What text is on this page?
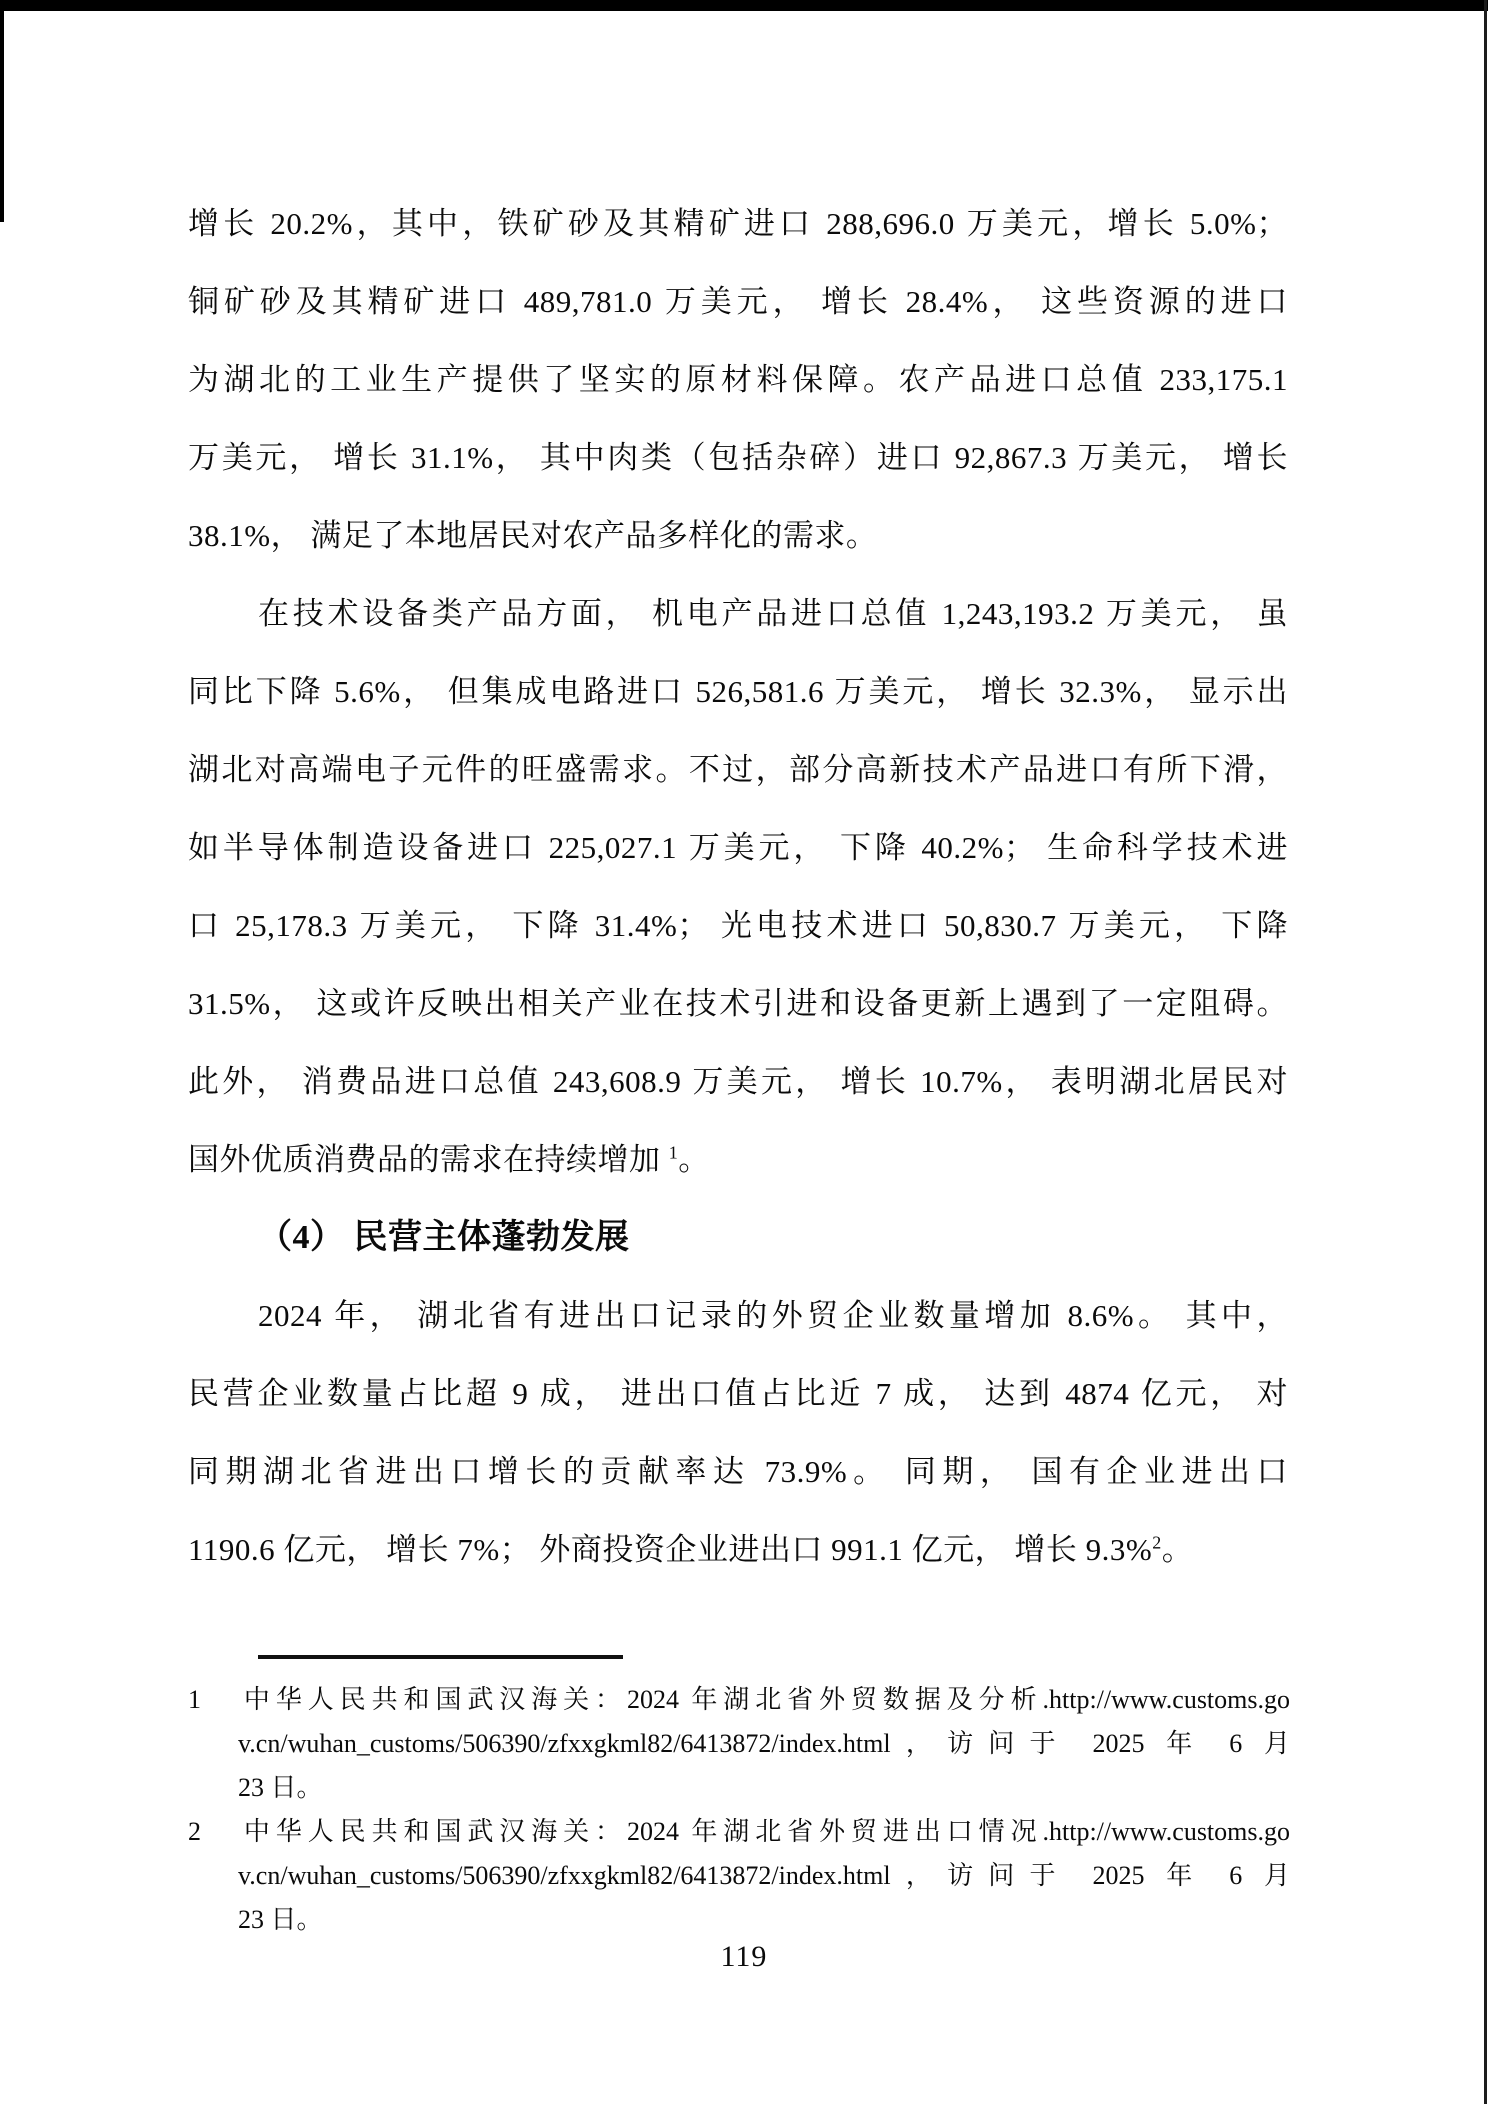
增长 20.2%，其中，铁矿砂及其精矿进口 288,696.0 万美元，增长 5.0%；
铜矿砂及其精矿进口 489,781.0 万美元， 增长 28.4%， 这些资源的进口
为湖北的工业生产提供了坚实的原材料保障。农产品进口总值 233,175.1
万美元， 增长 31.1%， 其中肉类（包括杂碎）进口 92,867.3 万美元， 增长
38.1%， 满足了本地居民对农产品多样化的需求。
在技术设备类产品方面， 机电产品进口总值 1,243,193.2 万美元， 虽
同比下降 5.6%， 但集成电路进口 526,581.6 万美元， 增长 32.3%， 显示出
湖北对高端电子元件的旺盛需求。不过，部分高新技术产品进口有所下滑，
如半导体制造设备进口 225,027.1 万美元， 下降 40.2%； 生命科学技术进
口 25,178.3 万美元， 下降 31.4%； 光电技术进口 50,830.7 万美元， 下降
31.5%， 这或许反映出相关产业在技术引进和设备更新上遇到了一定阻碍。
此外， 消费品进口总值 243,608.9 万美元， 增长 10.7%， 表明湖北居民对
国外优质消费品的需求在持续增加 $^1$。
（4） 民营主体蓬勃发展
2024 年， 湖北省有进出口记录的外贸企业数量增加 8.6%。 其中，
民营企业数量占比超 9 成， 进出口值占比近 7 成， 达到 4874 亿元， 对
同期湖北省进出口增长的贡献率达 73.9%。 同期， 国有企业进出口
1190.6 亿元， 增长 7%； 外商投资企业进出口 991.1 亿元， 增长 9.3%$^2$。
1 中华人民共和国武汉海关：2024 年湖北省外贸数据及分析.http://www.customs.go
v.cn/wuhan_customs/506390/zfxxgkml82/6413872/index.html，访问于 2025 年 6 月
23 日。
2 中华人民共和国武汉海关：2024 年湖北省外贸进出口情况.http://www.customs.go
v.cn/wuhan_customs/506390/zfxxgkml82/6413872/index.html，访问于 2025 年 6 月
23 日。
119
